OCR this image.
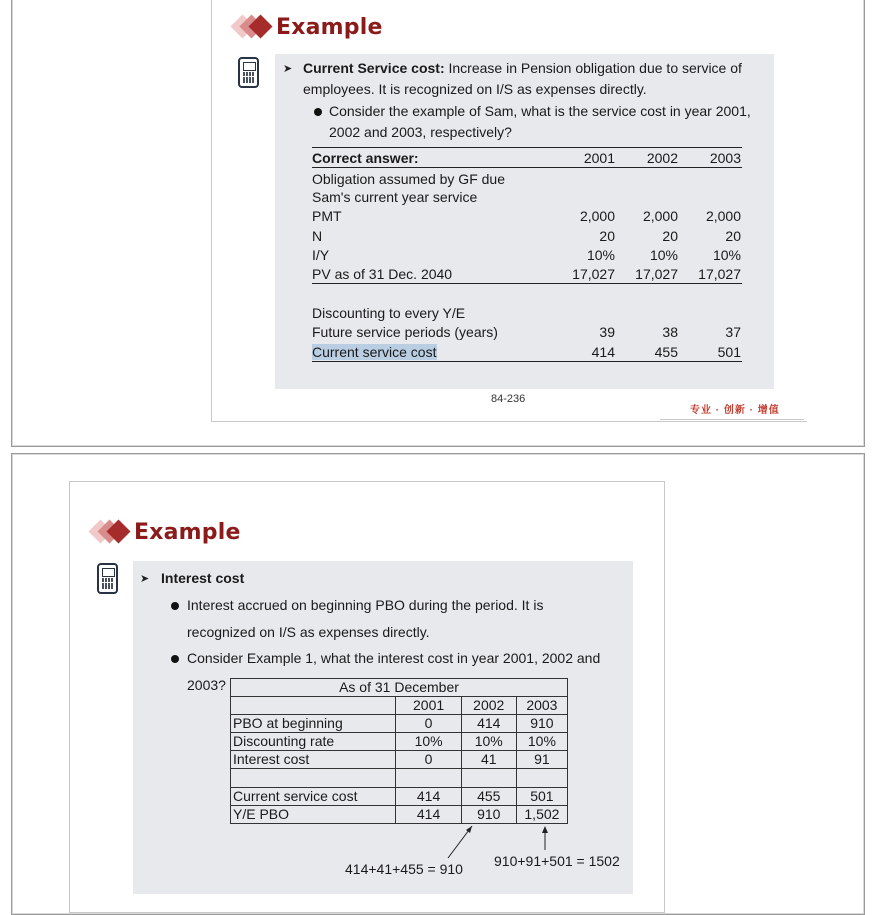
Example
➤ Current Service cost: Increase in Pension obligation due to service of
employees. It is recognized on I/S as expenses directly.
Consider the example of Sam, what is the service cost in year 2001,
2002 and 2003, respectively?
Correct answer:	2001	2002	2003
Obligation assumed by GF due
Sam's current year service
PMT	2,000	2,000	2,000
N	20	20	20
I/Y	10%	10%	10%
PV as of 31 Dec. 2040	17,027	17,027	17,027
Discounting to every Y/E
Future service periods (years)	39	38	37
Current service cost	414	455	501
84-236
专业 · 创新 · 增值
Example
➤ Interest cost
Interest accrued on beginning PBO during the period. It is
recognized on I/S as expenses directly.
Consider Example 1, what the interest cost in year 2001, 2002 and
2003?	As of 31 December			
	2001	2002	2003
PBO at beginning	0	414	910
Discounting rate	10%	10%	10%
Interest cost	0	41	91

Current service cost	414	455	501
Y/E PBO	414	910	1,502
414+41+455 = 910 910+91+501 = 1502
